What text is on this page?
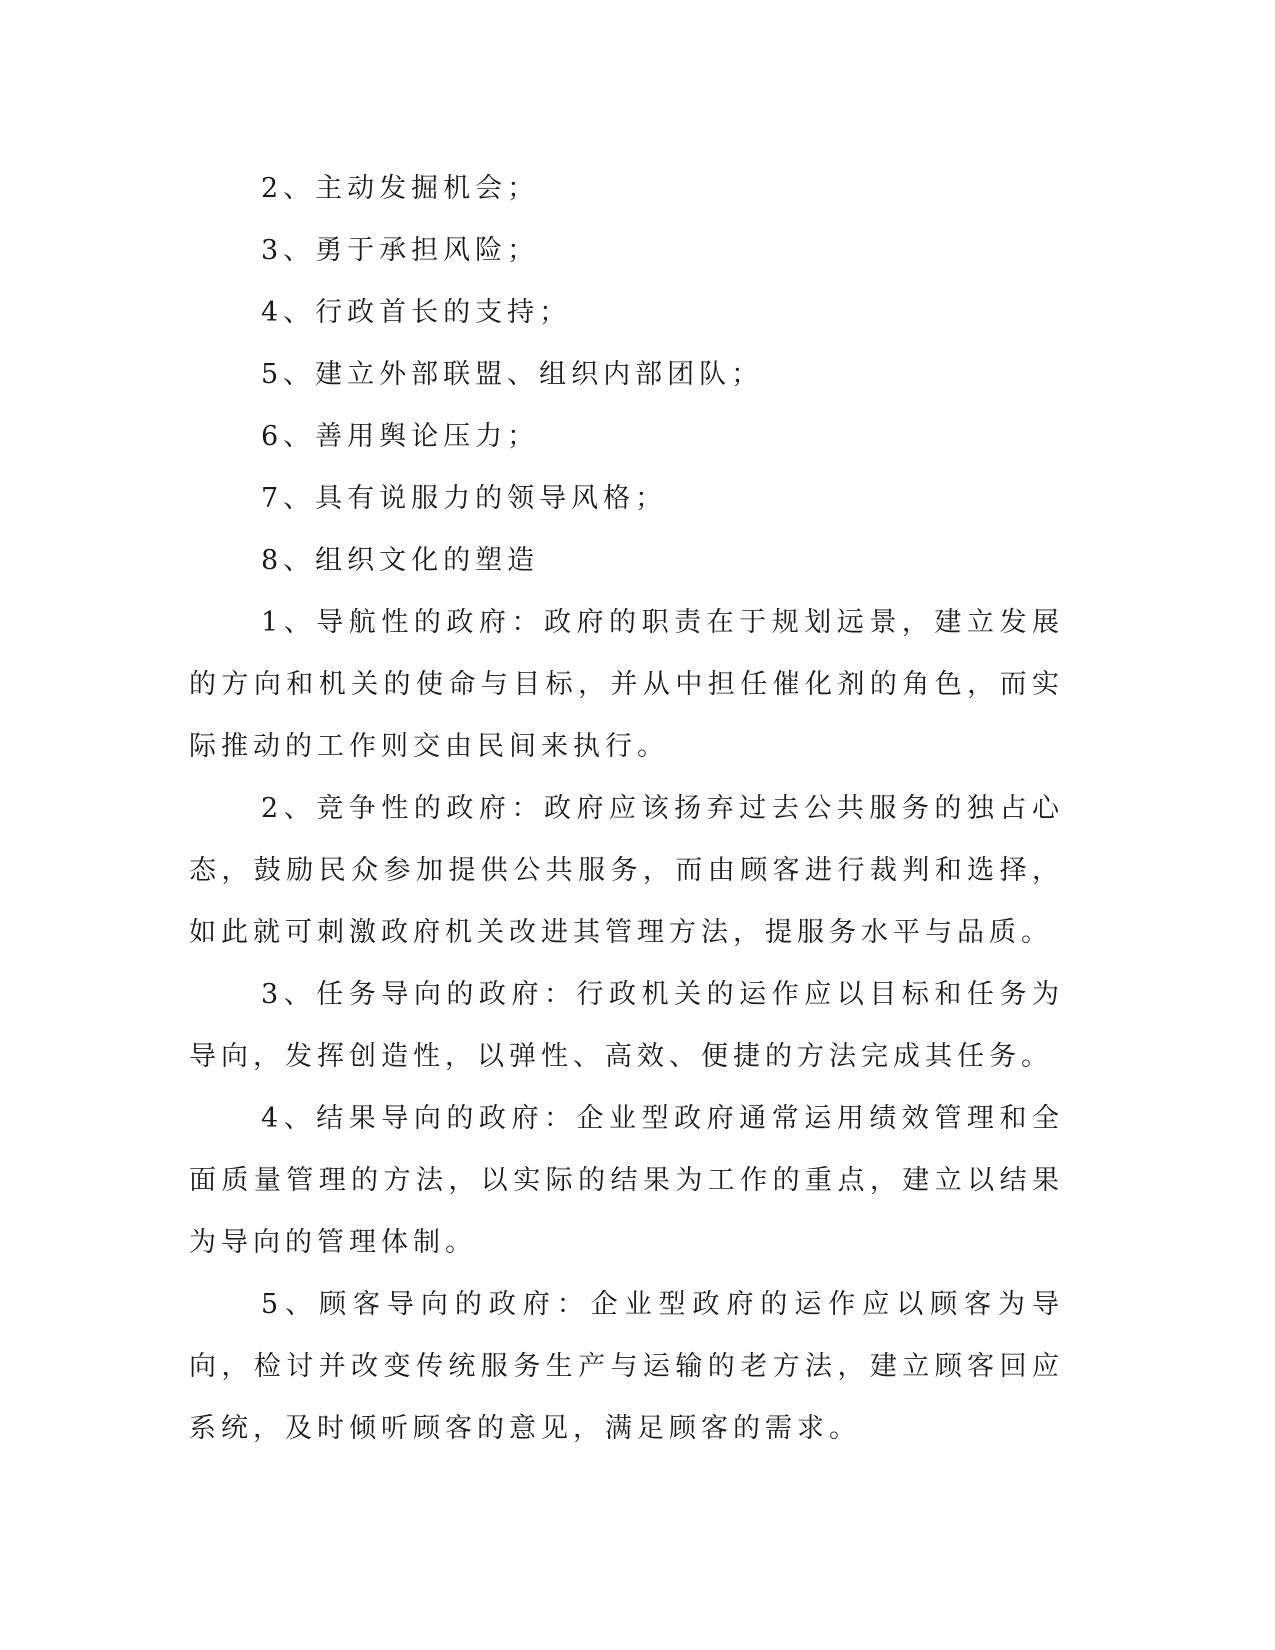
2、主动发掘机会；

3、勇于承担风险；

4、行政首长的支持；

5、建立外部联盟、组织内部团队；

6、善用舆论压力；

7、具有说服力的领导风格；

8、组织文化的塑造

1、导航性的政府：政府的职责在于规划远景，建立发展的方向和机关的使命与目标，并从中担任催化剂的角色，而实际推动的工作则交由民间来执行。

2、竞争性的政府：政府应该扬弃过去公共服务的独占心态，鼓励民众参加提供公共服务，而由顾客进行裁判和选择，如此就可刺激政府机关改进其管理方法，提服务水平与品质。

3、任务导向的政府：行政机关的运作应以目标和任务为导向，发挥创造性，以弹性、高效、便捷的方法完成其任务。

4、结果导向的政府：企业型政府通常运用绩效管理和全面质量管理的方法，以实际的结果为工作的重点，建立以结果为导向的管理体制。

5、顾客导向的政府：企业型政府的运作应以顾客为导向，检讨并改变传统服务生产与运输的老方法，建立顾客回应系统，及时倾听顾客的意见，满足顾客的需求。
